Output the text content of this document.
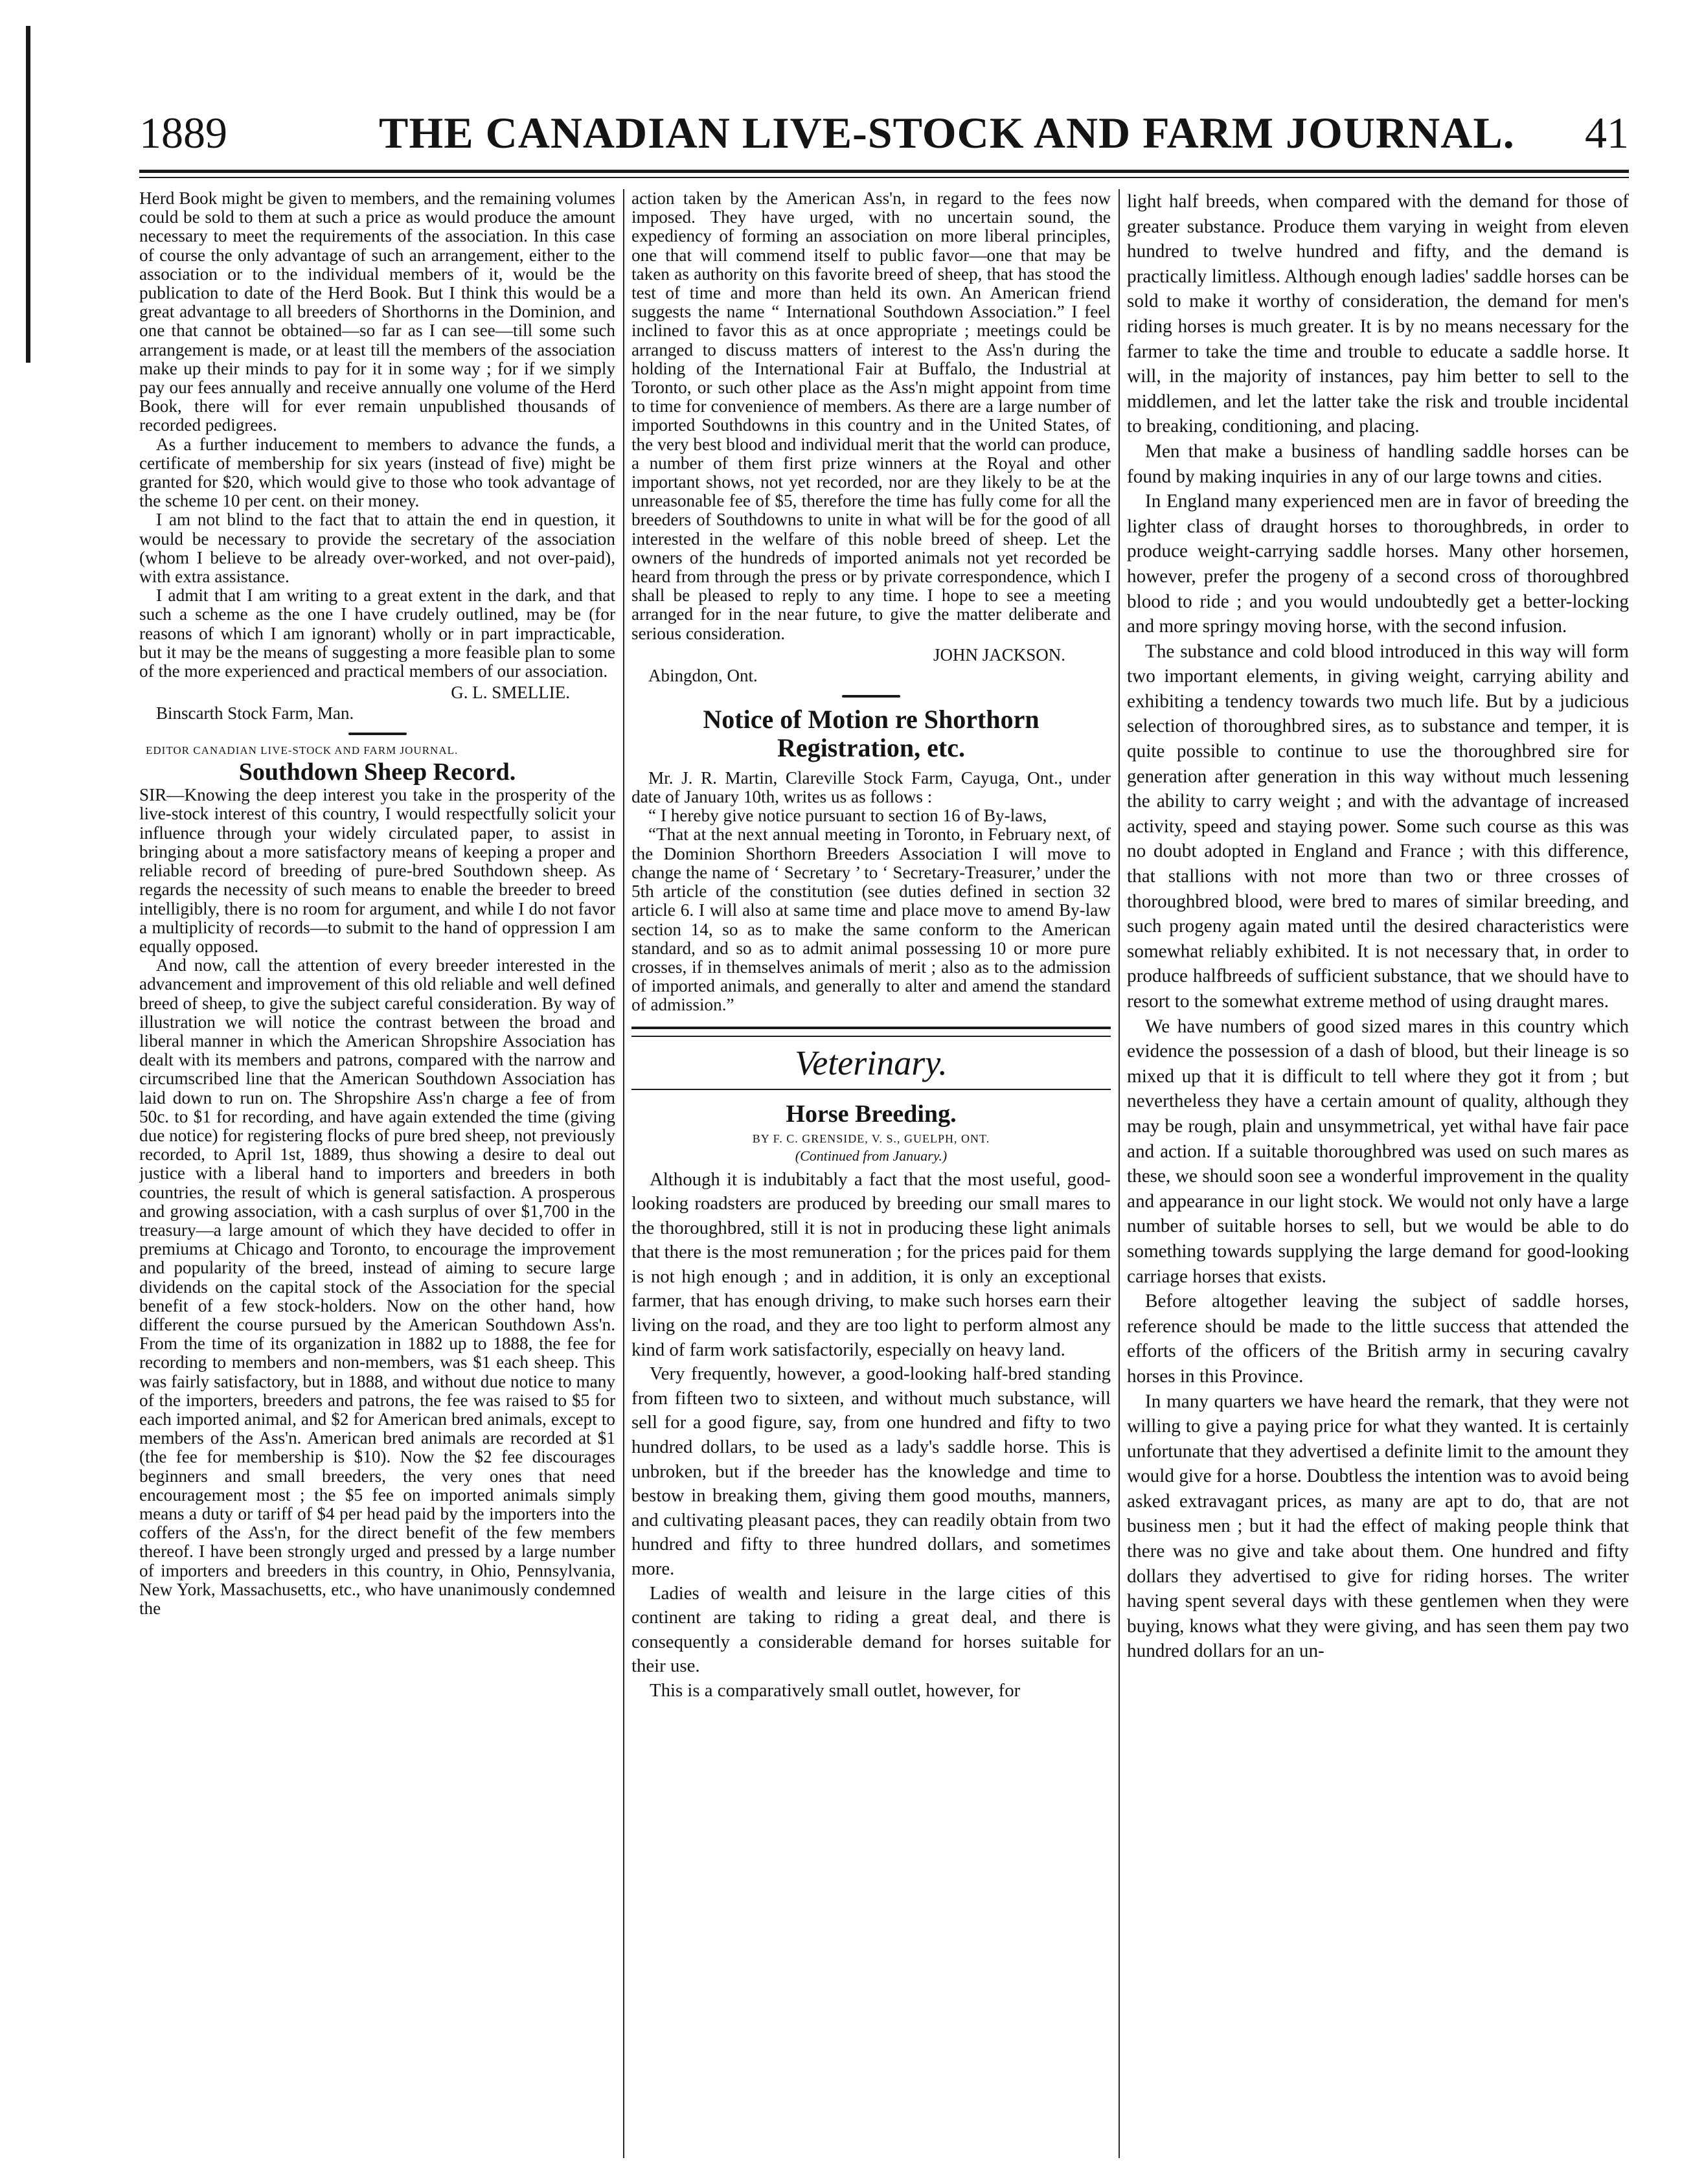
1889	THE CANADIAN LIVE-STOCK AND FARM JOURNAL. 41

Herd Book might be given to members, and the remaining volumes could be sold to them at such a price as would produce the amount necessary to meet the requirements of the association. In this case of course the only advantage of such an arrangement, either to the association or to the individual members of it, would be the publication to date of the Herd Book. But I think this would be a great advantage to all breeders of Shorthorns in the Dominion, and one that cannot be obtained—so far as I can see—till some such arrangement is made, or at least till the members of the association make up their minds to pay for it in some way ; for if we simply pay our fees annually and receive annually one volume of the Herd Book, there will for ever remain unpublished thousands of recorded pedigrees.

As a further inducement to members to advance the funds, a certificate of membership for six years (instead of five) might be granted for $20, which would give to those who took advantage of the scheme 10 per cent. on their money.

I am not blind to the fact that to attain the end in question, it would be necessary to provide the secretary of the association (whom I believe to be already over-worked, and not over-paid), with extra assistance.

I admit that I am writing to a great extent in the dark, and that such a scheme as the one I have crudely outlined, may be (for reasons of which I am ignorant) wholly or in part impracticable, but it may be the means of suggesting a more feasible plan to some of the more experienced and practical members of our association.

G. L. SMELLIE.
Binscarth Stock Farm, Man.
EDITOR CANADIAN LIVE-STOCK AND FARM JOURNAL.
Southdown Sheep Record.

SIR—Knowing the deep interest you take in the prosperity of the live-stock interest of this country, I would respectfully solicit your influence through your widely circulated paper, to assist in bringing about a more satisfactory means of keeping a proper and reliable record of breeding of pure-bred Southdown sheep. As regards the necessity of such means to enable the breeder to breed intelligibly, there is no room for argument, and while I do not favor a multiplicity of records—to submit to the hand of oppression I am equally opposed.

And now, call the attention of every breeder interested in the advancement and improvement of this old reliable and well defined breed of sheep, to give the subject careful consideration. By way of illustration we will notice the contrast between the broad and liberal manner in which the American Shropshire Association has dealt with its members and patrons, compared with the narrow and circumscribed line that the American Southdown Association has laid down to run on. The Shropshire Ass'n charge a fee of from 50c. to $1 for recording, and have again extended the time (giving due notice) for registering flocks of pure bred sheep, not previously recorded, to April 1st, 1889, thus showing a desire to deal out justice with a liberal hand to importers and breeders in both countries, the result of which is general satisfaction. A prosperous and growing association, with a cash surplus of over $1,700 in the treasury—a large amount of which they have decided to offer in premiums at Chicago and Toronto, to encourage the improvement and popularity of the breed, instead of aiming to secure large dividends on the capital stock of the Association for the special benefit of a few stock-holders. Now on the other hand, how different the course pursued by the American Southdown Ass'n. From the time of its organization in 1882 up to 1888, the fee for recording to members and non-members, was $1 each sheep. This was fairly satisfactory, but in 1888, and without due notice to many of the importers, breeders and patrons, the fee was raised to $5 for each imported animal, and $2 for American bred animals, except to members of the Ass'n. American bred animals are recorded at $1 (the fee for membership is $10). Now the $2 fee discourages beginners and small breeders, the very ones that need encouragement most ; the $5 fee on imported animals simply means a duty or tariff of $4 per head paid by the importers into the coffers of the Ass'n, for the direct benefit of the few members thereof. I have been strongly urged and pressed by a large number of importers and breeders in this country, in Ohio, Pennsylvania, New York, Massachusetts, etc., who have unanimously condemned the

action taken by the American Ass'n, in regard to the fees now imposed. They have urged, with no uncertain sound, the expediency of forming an association on more liberal principles, one that will commend itself to public favor—one that may be taken as authority on this favorite breed of sheep, that has stood the test of time and more than held its own. An American friend suggests the name “ International Southdown Association.” I feel inclined to favor this as at once appropriate ; meetings could be arranged to discuss matters of interest to the Ass'n during the holding of the International Fair at Buffalo, the Industrial at Toronto, or such other place as the Ass'n might appoint from time to time for convenience of members. As there are a large number of imported Southdowns in this country and in the United States, of the very best blood and individual merit that the world can produce, a number of them first prize winners at the Royal and other important shows, not yet recorded, nor are they likely to be at the unreasonable fee of $5, therefore the time has fully come for all the breeders of Southdowns to unite in what will be for the good of all interested in the welfare of this noble breed of sheep. Let the owners of the hundreds of imported animals not yet recorded be heard from through the press or by private correspondence, which I shall be pleased to reply to any time. I hope to see a meeting arranged for in the near future, to give the matter deliberate and serious consideration.

JOHN JACKSON.
Abingdon, Ont.
Notice of Motion re Shorthorn Registration, etc.

Mr. J. R. Martin, Clareville Stock Farm, Cayuga, Ont., under date of January 10th, writes us as follows :

“ I hereby give notice pursuant to section 16 of By-laws,

“That at the next annual meeting in Toronto, in February next, of the Dominion Shorthorn Breeders Association I will move to change the name of ‘ Secretary ’ to ‘ Secretary-Treasurer,’ under the 5th article of the constitution (see duties defined in section 32 article 6. I will also at same time and place move to amend By-law section 14, so as to make the same conform to the American standard, and so as to admit animal possessing 10 or more pure crosses, if in themselves animals of merit ; also as to the admission of imported animals, and generally to alter and amend the standard of admission.”

Veterinary.
Horse Breeding.
BY F. C. GRENSIDE, V. S., GUELPH, ONT.
(Continued from January.)

Although it is indubitably a fact that the most useful, good-looking roadsters are produced by breeding our small mares to the thoroughbred, still it is not in producing these light animals that there is the most remuneration ; for the prices paid for them is not high enough ; and in addition, it is only an exceptional farmer, that has enough driving, to make such horses earn their living on the road, and they are too light to perform almost any kind of farm work satisfactorily, especially on heavy land.

Very frequently, however, a good-looking half-bred standing from fifteen two to sixteen, and without much substance, will sell for a good figure, say, from one hundred and fifty to two hundred dollars, to be used as a lady's saddle horse. This is unbroken, but if the breeder has the knowledge and time to bestow in breaking them, giving them good mouths, manners, and cultivating pleasant paces, they can readily obtain from two hundred and fifty to three hundred dollars, and sometimes more.

Ladies of wealth and leisure in the large cities of this continent are taking to riding a great deal, and there is consequently a considerable demand for horses suitable for their use.

This is a comparatively small outlet, however, for

light half breeds, when compared with the demand for those of greater substance. Produce them varying in weight from eleven hundred to twelve hundred and fifty, and the demand is practically limitless. Although enough ladies' saddle horses can be sold to make it worthy of consideration, the demand for men's riding horses is much greater. It is by no means necessary for the farmer to take the time and trouble to educate a saddle horse. It will, in the majority of instances, pay him better to sell to the middlemen, and let the latter take the risk and trouble incidental to breaking, conditioning, and placing.

Men that make a business of handling saddle horses can be found by making inquiries in any of our large towns and cities.

In England many experienced men are in favor of breeding the lighter class of draught horses to thoroughbreds, in order to produce weight-carrying saddle horses. Many other horsemen, however, prefer the progeny of a second cross of thoroughbred blood to ride ; and you would undoubtedly get a better-locking and more springy moving horse, with the second infusion.

The substance and cold blood introduced in this way will form two important elements, in giving weight, carrying ability and exhibiting a tendency towards two much life. But by a judicious selection of thoroughbred sires, as to substance and temper, it is quite possible to continue to use the thoroughbred sire for generation after generation in this way without much lessening the ability to carry weight ; and with the advantage of increased activity, speed and staying power. Some such course as this was no doubt adopted in England and France ; with this difference, that stallions with not more than two or three crosses of thoroughbred blood, were bred to mares of similar breeding, and such progeny again mated until the desired characteristics were somewhat reliably exhibited. It is not necessary that, in order to produce halfbreeds of sufficient substance, that we should have to resort to the somewhat extreme method of using draught mares.

We have numbers of good sized mares in this country which evidence the possession of a dash of blood, but their lineage is so mixed up that it is difficult to tell where they got it from ; but nevertheless they have a certain amount of quality, although they may be rough, plain and unsymmetrical, yet withal have fair pace and action. If a suitable thoroughbred was used on such mares as these, we should soon see a wonderful improvement in the quality and appearance in our light stock. We would not only have a large number of suitable horses to sell, but we would be able to do something towards supplying the large demand for good-looking carriage horses that exists.

Before altogether leaving the subject of saddle horses, reference should be made to the little success that attended the efforts of the officers of the British army in securing cavalry horses in this Province.

In many quarters we have heard the remark, that they were not willing to give a paying price for what they wanted. It is certainly unfortunate that they advertised a definite limit to the amount they would give for a horse. Doubtless the intention was to avoid being asked extravagant prices, as many are apt to do, that are not business men ; but it had the effect of making people think that there was no give and take about them. One hundred and fifty dollars they advertised to give for riding horses. The writer having spent several days with these gentlemen when they were buying, knows what they were giving, and has seen them pay two hundred dollars for an un-
